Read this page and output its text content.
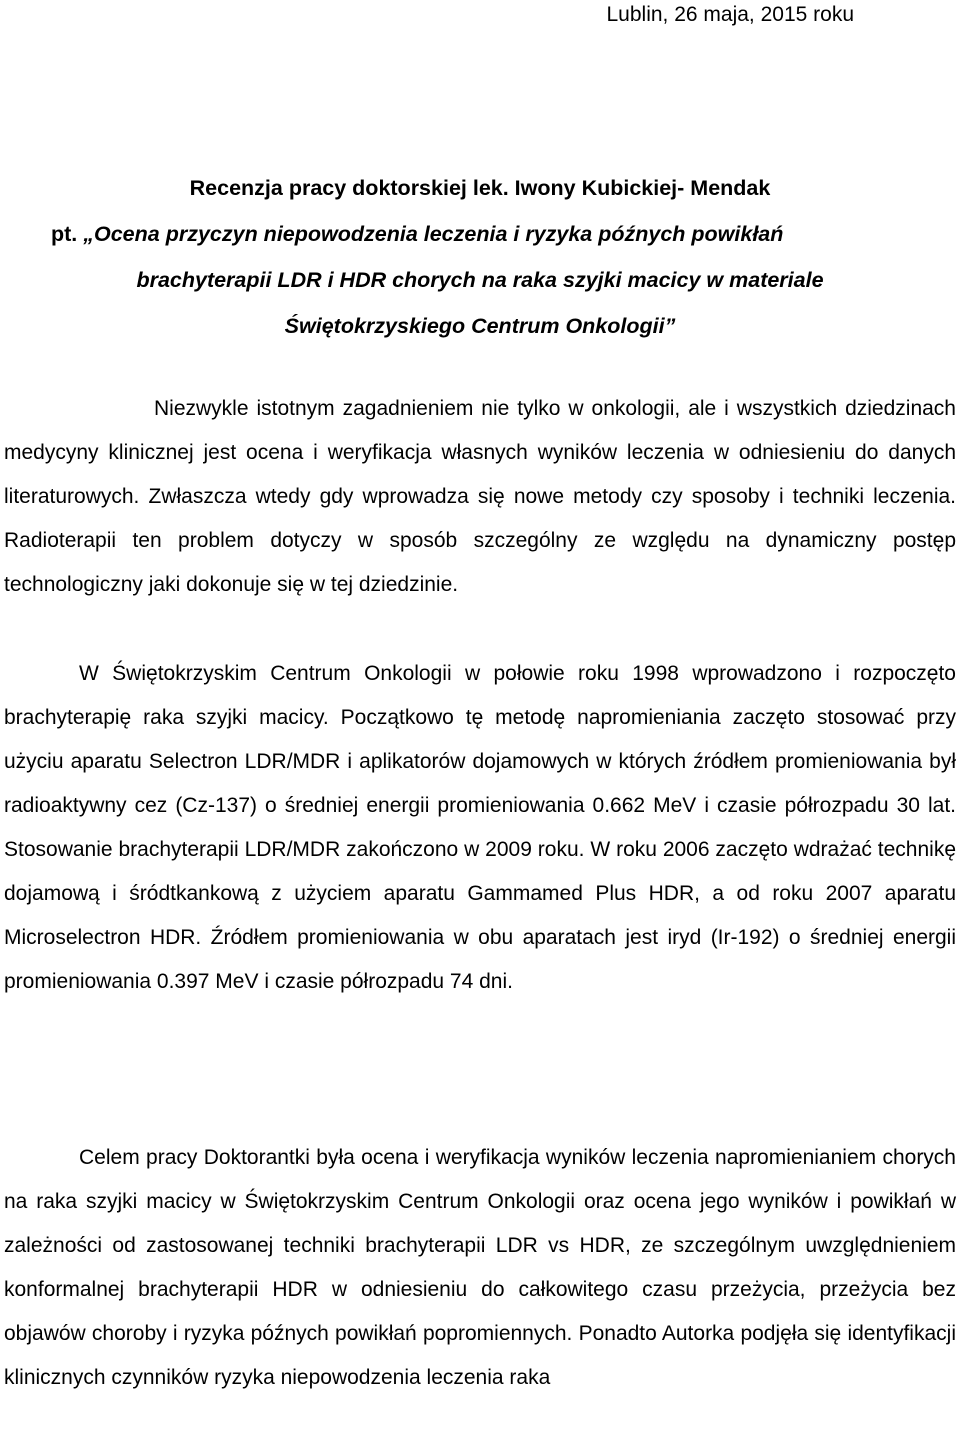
Lublin, 26 maja, 2015 roku
Recenzja pracy doktorskiej lek. Iwony Kubickiej- Mendak
pt. „Ocena przyczyn niepowodzenia leczenia i ryzyka późnych powikłań
brachyterapii LDR i HDR chorych na raka szyjki macicy w materiale
Świętokrzyskiego Centrum Onkologii”

Niezwykle istotnym zagadnieniem nie tylko w onkologii, ale i wszystkich dziedzinach medycyny klinicznej jest ocena i weryfikacja własnych wyników leczenia w odniesieniu do danych literaturowych. Zwłaszcza wtedy gdy wprowadza się nowe metody czy sposoby i techniki leczenia. Radioterapii ten problem dotyczy w sposób szczególny ze względu na dynamiczny postęp technologiczny jaki dokonuje się w tej dziedzinie.

W Świętokrzyskim Centrum Onkologii w połowie roku 1998 wprowadzono i rozpoczęto brachyterapię raka szyjki macicy. Początkowo tę metodę napromieniania zaczęto stosować przy użyciu aparatu Selectron LDR/MDR i aplikatorów dojamowych w których źródłem promieniowania był radioaktywny cez (Cz-137) o średniej energii promieniowania 0.662 MeV i czasie półrozpadu 30 lat. Stosowanie brachyterapii LDR/MDR zakończono w 2009 roku. W roku 2006 zaczęto wdrażać technikę dojamową i śródtkankową z użyciem aparatu Gammamed Plus HDR, a od roku 2007 aparatu Microselectron HDR. Źródłem promieniowania w obu aparatach jest iryd (Ir-192) o średniej energii promieniowania 0.397 MeV i czasie półrozpadu 74 dni.

Celem pracy Doktorantki była ocena i weryfikacja wyników leczenia napromienianiem chorych na raka szyjki macicy w Świętokrzyskim Centrum Onkologii oraz ocena jego wyników i powikłań w zależności od zastosowanej techniki brachyterapii LDR vs HDR, ze szczególnym uwzględnieniem konformalnej brachyterapii HDR w odniesieniu do całkowitego czasu przeżycia, przeżycia bez objawów choroby i ryzyka późnych powikłań popromiennych. Ponadto Autorka podjęła się identyfikacji klinicznych czynników ryzyka niepowodzenia leczenia raka
